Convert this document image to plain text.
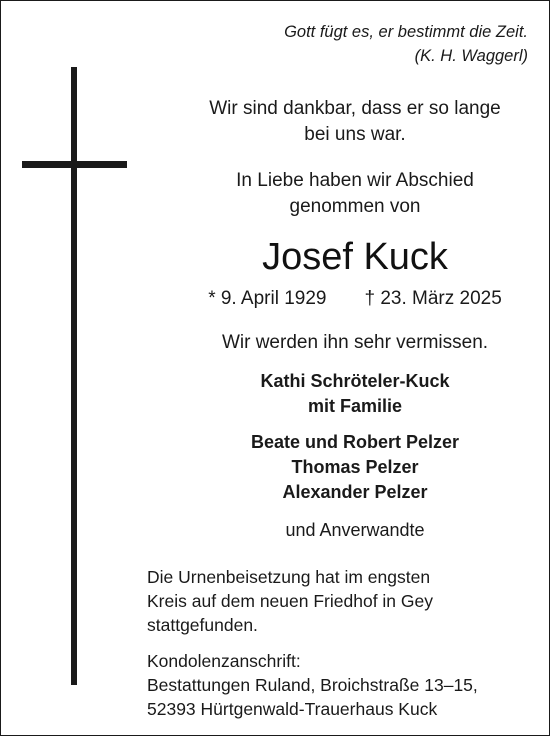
Gott fügt es, er bestimmt die Zeit.
(K. H. Waggerl)
Wir sind dankbar, dass er so lange
bei uns war.
In Liebe haben wir Abschied
genommen von
Josef Kuck
* 9. April 1929 † 23. März 2025
Wir werden ihn sehr vermissen.
Kathi Schröteler-Kuck
mit Familie
Beate und Robert Pelzer
Thomas Pelzer
Alexander Pelzer
und Anverwandte
Die Urnenbeisetzung hat im engsten
Kreis auf dem neuen Friedhof in Gey
stattgefunden.
Kondolenzanschrift:
Bestattungen Ruland, Broichstraße 13–15,
52393 Hürtgenwald-Trauerhaus Kuck
